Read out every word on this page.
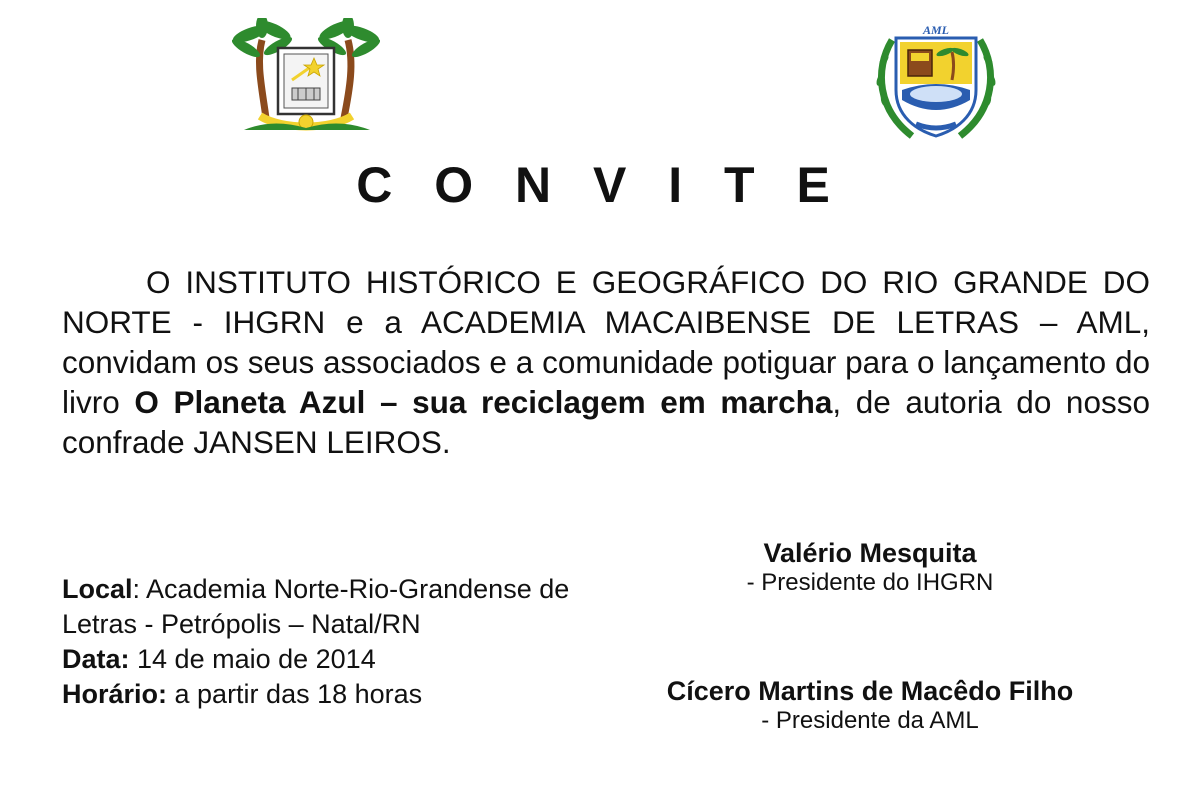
AML
C O N V I T E

O INSTITUTO HISTÓRICO E GEOGRÁFICO DO RIO GRANDE DO NORTE - IHGRN e a ACADEMIA MACAIBENSE DE LETRAS – AML, convidam os seus associados e a comunidade potiguar para o lançamento do livro O Planeta Azul – sua reciclagem em marcha, de autoria do nosso confrade JANSEN LEIROS.

Local: Academia Norte-Rio-Grandense de Letras - Petrópolis – Natal/RN
Data: 14 de maio de 2014
Horário: a partir das 18 horas
Valério Mesquita
- Presidente do IHGRN
Cícero Martins de Macêdo Filho
- Presidente da AML
